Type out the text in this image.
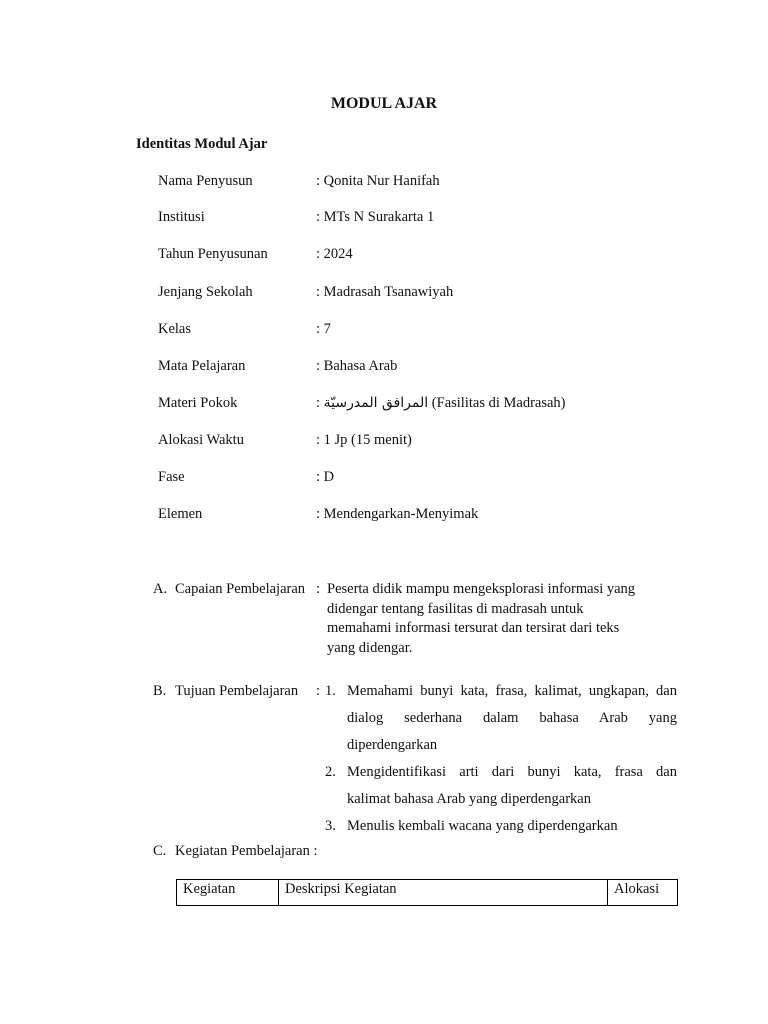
MODUL AJAR
Identitas Modul Ajar
Nama Penyusun	: Qonita Nur Hanifah
Institusi	: MTs N Surakarta 1
Tahun Penyusunan	: 2024
Jenjang Sekolah	: Madrasah Tsanawiyah
Kelas	: 7
Mata Pelajaran	: Bahasa Arab
Materi Pokok	: المرافق المدرسيّة (Fasilitas di Madrasah)
Alokasi Waktu	: 1 Jp (15 menit)
Fase	: D
Elemen	: Mendengarkan-Menyimak
A. Capaian Pembelajaran : Peserta didik mampu mengeksplorasi informasi yang
didengar tentang fasilitas di madrasah untuk
memahami informasi tersurat dan tersirat dari teks
yang didengar.
B. Tujuan Pembelajaran : 1. Memahami bunyi kata, frasa, kalimat, ungkapan, dan
dialog sederhana dalam bahasa Arab yang
diperdengarkan
2. Mengidentifikasi arti dari bunyi kata, frasa dan
kalimat bahasa Arab yang diperdengarkan
3. Menulis kembali wacana yang diperdengarkan
C. Kegiatan Pembelajaran :
Kegiatan	Deskripsi Kegiatan	Alokasi
